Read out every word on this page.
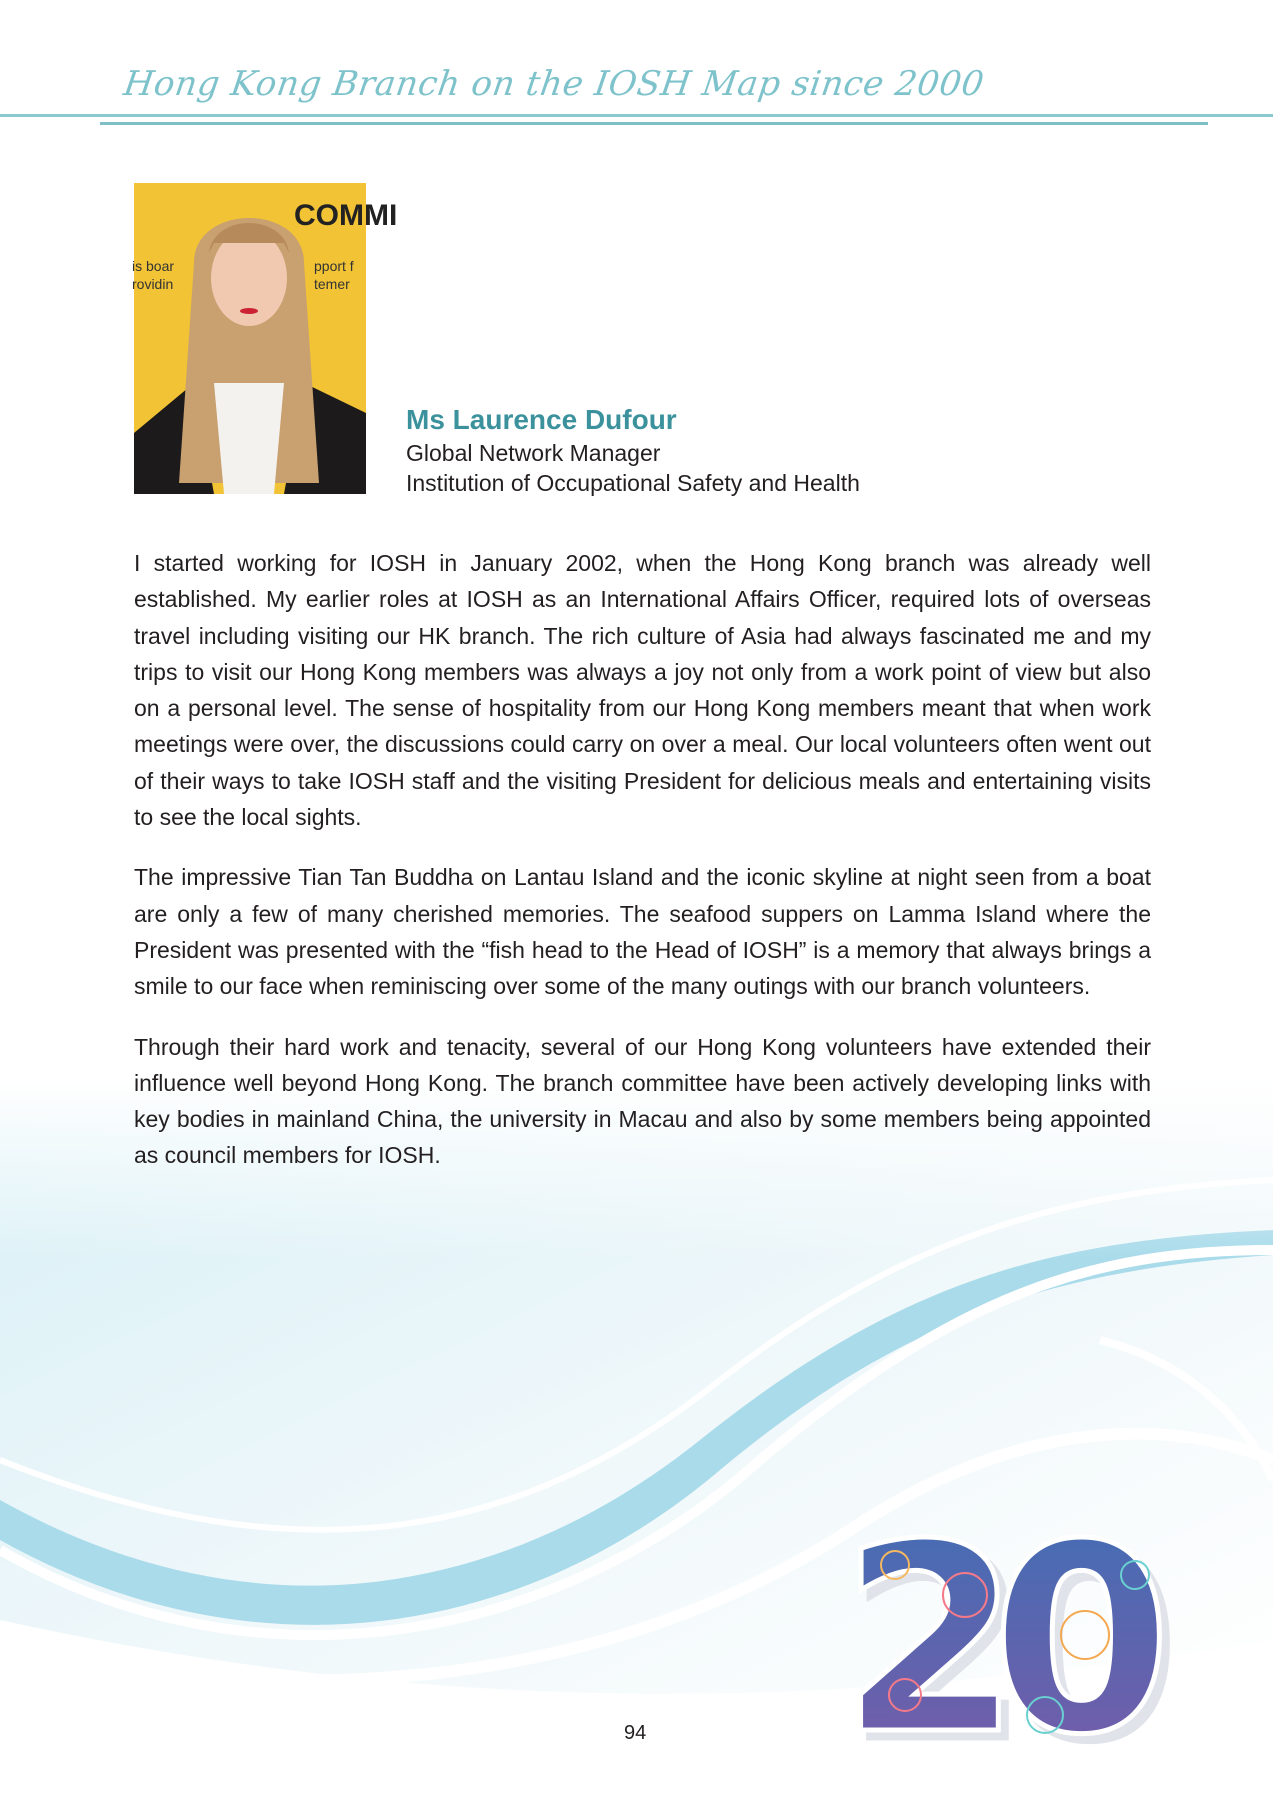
Hong Kong Branch on the IOSH Map since 2000
COMMI
is boar
rovidin
pport f
temer
Ms Laurence Dufour
Global Network Manager
Institution of Occupational Safety and Health

I started working for IOSH in January 2002, when the Hong Kong branch was already well established. My earlier roles at IOSH as an International Affairs Officer, required lots of overseas travel including visiting our HK branch. The rich culture of Asia had always fascinated me and my trips to visit our Hong Kong members was always a joy not only from a work point of view but also on a personal level. The sense of hospitality from our Hong Kong members meant that when work meetings were over, the discussions could carry on over a meal. Our local volunteers often went out of their ways to take IOSH staff and the visiting President for delicious meals and entertaining visits to see the local sights.

The impressive Tian Tan Buddha on Lantau Island and the iconic skyline at night seen from a boat are only a few of many cherished memories. The seafood suppers on Lamma Island where the President was presented with the “fish head to the Head of IOSH” is a memory that always brings a smile to our face when reminiscing over some of the many outings with our branch volunteers.

Through their hard work and tenacity, several of our Hong Kong volunteers have extended their influence well beyond Hong Kong. The branch committee have been actively developing links with key bodies in mainland China, the university in Macau and also by some members being appointed as council members for IOSH.

20
94
